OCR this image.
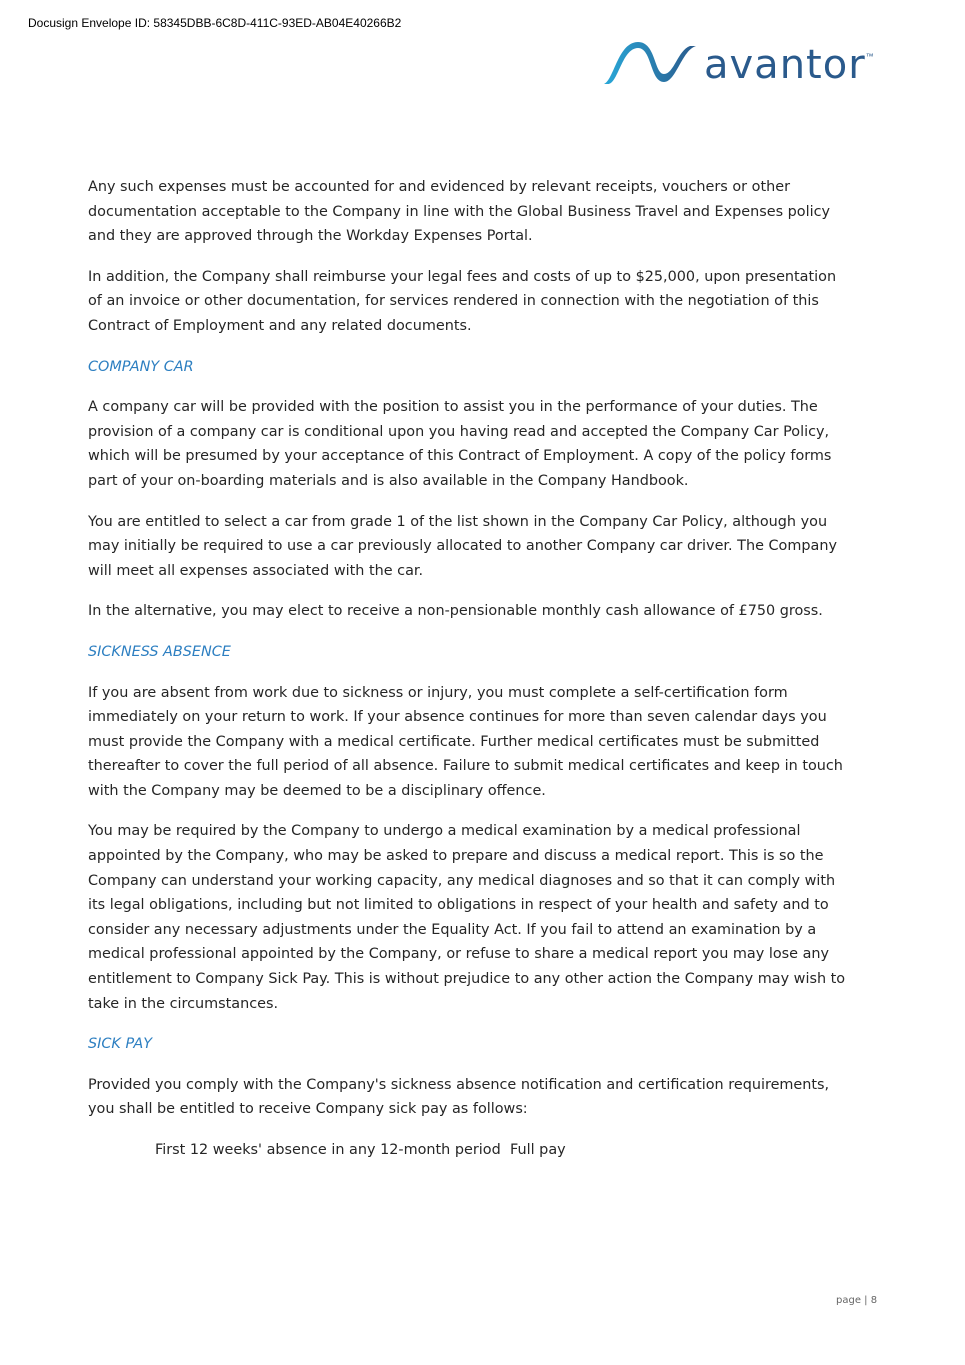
Docusign Envelope ID: 58345DBB-6C8D-411C-93ED-AB04E40266B2
avantor ™

Any such expenses must be accounted for and evidenced by relevant receipts, vouchers or other documentation acceptable to the Company in line with the Global Business Travel and Expenses policy and they are approved through the Workday Expenses Portal.

In addition, the Company shall reimburse your legal fees and costs of up to $25,000, upon presentation of an invoice or other documentation, for services rendered in connection with the negotiation of this Contract of Employment and any related documents.

COMPANY CAR

A company car will be provided with the position to assist you in the performance of your duties. The provision of a company car is conditional upon you having read and accepted the Company Car Policy, which will be presumed by your acceptance of this Contract of Employment. A copy of the policy forms part of your on-boarding materials and is also available in the Company Handbook.

You are entitled to select a car from grade 1 of the list shown in the Company Car Policy, although you may initially be required to use a car previously allocated to another Company car driver. The Company will meet all expenses associated with the car.

In the alternative, you may elect to receive a non-pensionable monthly cash allowance of £750 gross.

SICKNESS ABSENCE

If you are absent from work due to sickness or injury, you must complete a self-certification form immediately on your return to work. If your absence continues for more than seven calendar days you must provide the Company with a medical certificate. Further medical certificates must be submitted thereafter to cover the full period of all absence. Failure to submit medical certificates and keep in touch with the Company may be deemed to be a disciplinary offence.

You may be required by the Company to undergo a medical examination by a medical professional appointed by the Company, who may be asked to prepare and discuss a medical report. This is so the Company can understand your working capacity, any medical diagnoses and so that it can comply with its legal obligations, including but not limited to obligations in respect of your health and safety and to consider any necessary adjustments under the Equality Act. If you fail to attend an examination by a medical professional appointed by the Company, or refuse to share a medical report you may lose any entitlement to Company Sick Pay. This is without prejudice to any other action the Company may wish to take in the circumstances.

SICK PAY

Provided you comply with the Company's sickness absence notification and certification requirements, you shall be entitled to receive Company sick pay as follows:

First 12 weeks' absence in any 12-month period Full pay
page | 8
